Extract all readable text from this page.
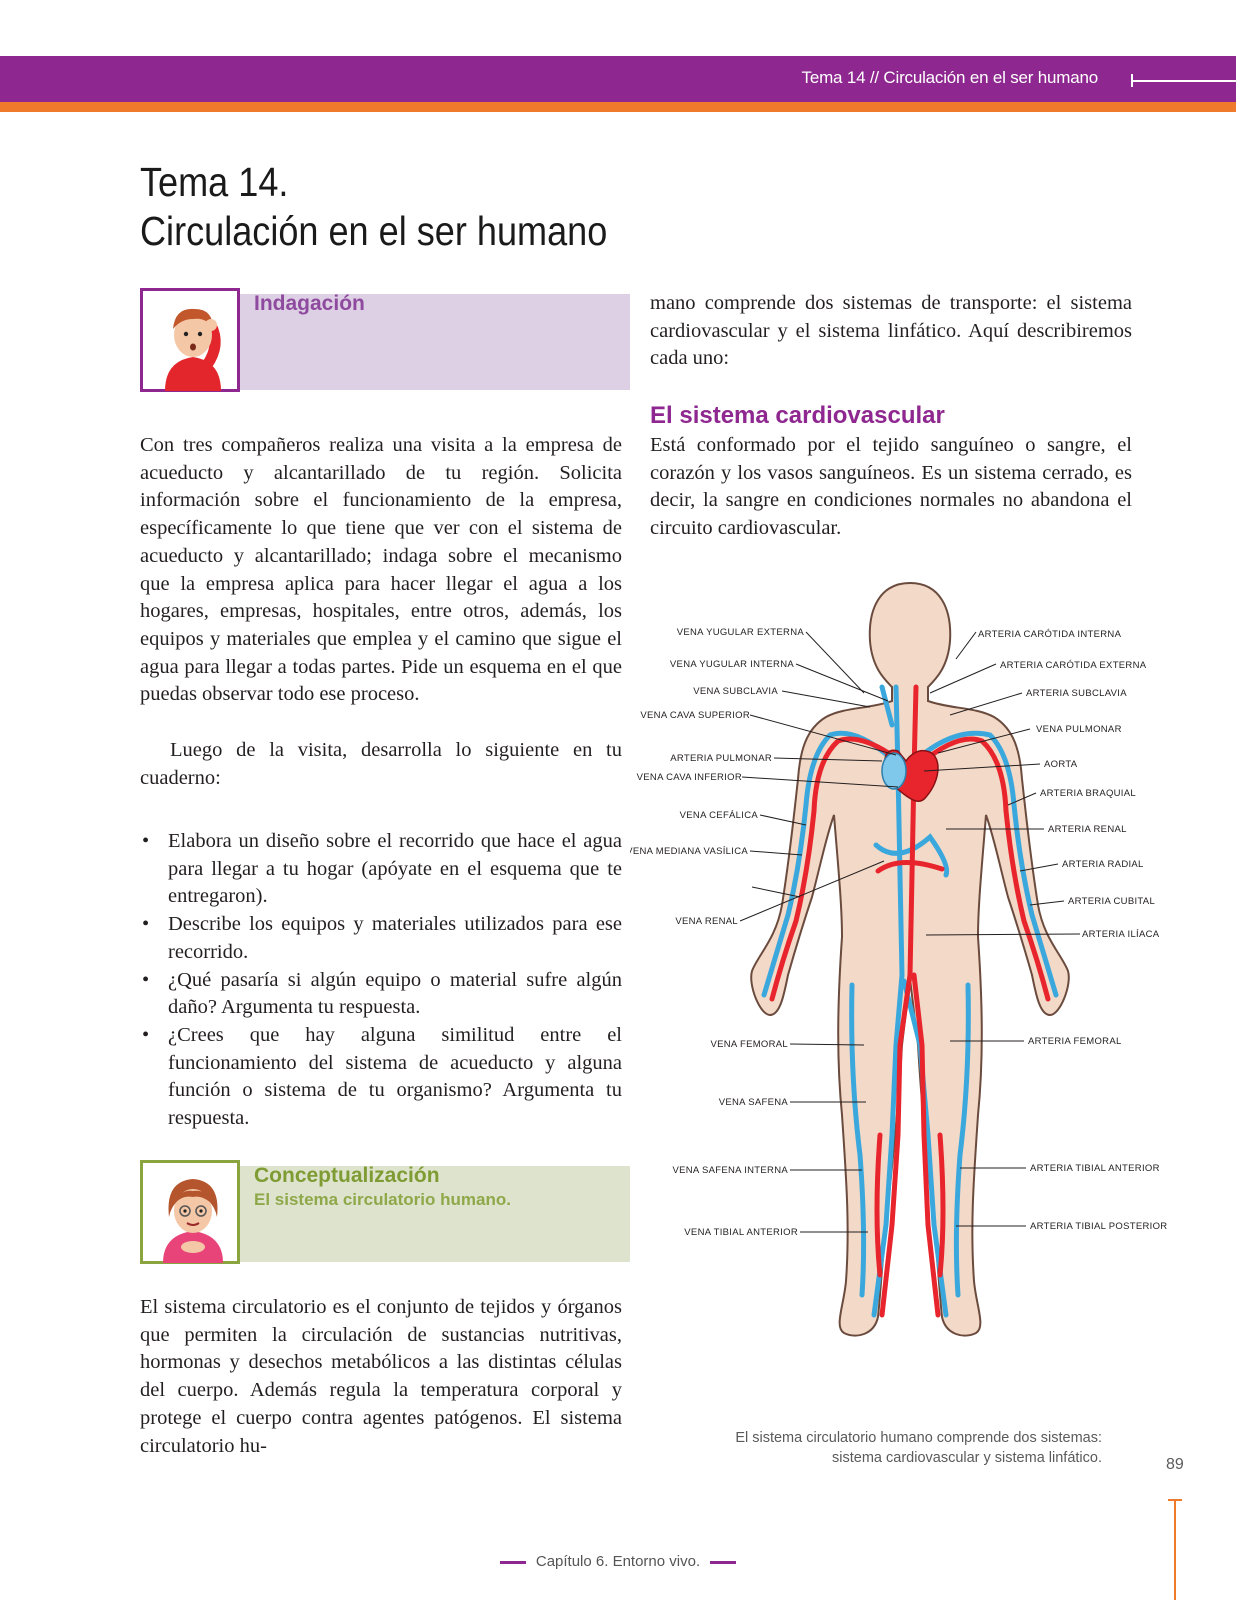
Tema 14 // Circulación en el ser humano
Tema 14.
Circulación en el ser humano
Indagación
Con tres compañeros realiza una visita a la empresa de acueducto y alcantarillado de tu región. Solicita información sobre el funcionamiento de la empresa, específicamente lo que tiene que ver con el sistema de acueducto y alcantarillado; indaga sobre el mecanismo que la empresa aplica para hacer llegar el agua a los hogares, empresas, hospitales, entre otros, además, los equipos y materiales que emplea y el camino que sigue el agua para llegar a todas partes. Pide un esquema en el que puedas observar todo ese proceso.
Luego de la visita, desarrolla lo siguiente en tu cuaderno:
• Elabora un diseño sobre el recorrido que hace el agua para llegar a tu hogar (apóyate en el esquema que te entregaron).
• Describe los equipos y materiales utilizados para ese recorrido.
• ¿Qué pasaría si algún equipo o material sufre algún daño? Argumenta tu respuesta.
• ¿Crees que hay alguna similitud entre el funcionamiento del sistema de acueducto y alguna función o sistema de tu organismo? Argumenta tu respuesta.
Conceptualización
El sistema circulatorio humano.
El sistema circulatorio es el conjunto de tejidos y órganos que permiten la circulación de sustancias nutritivas, hormonas y desechos metabólicos a las distintas células del cuerpo. Además regula la temperatura corporal y protege el cuerpo contra agentes patógenos. El sistema circulatorio hu-
mano comprende dos sistemas de transporte: el sistema cardiovascular y el sistema linfático. Aquí describiremos cada uno:
El sistema cardiovascular
Está conformado por el tejido sanguíneo o sangre, el corazón y los vasos sanguíneos. Es un sistema cerrado, es decir, la sangre en condiciones normales no abandona el circuito cardiovascular.
VENA YUGULAR EXTERNA
VENA YUGULAR INTERNA
VENA SUBCLAVIA
VENA CAVA SUPERIOR
ARTERIA PULMONAR
VENA CAVA INFERIOR
VENA CEFÁLICA
VENA MEDIANA VASÍLICA
VENA RENAL
VENA FEMORAL
VENA SAFENA
VENA SAFENA INTERNA
VENA TIBIAL ANTERIOR
ARTERIA CARÓTIDA INTERNA
ARTERIA CARÓTIDA EXTERNA
ARTERIA SUBCLAVIA
VENA PULMONAR
AORTA
ARTERIA BRAQUIAL
ARTERIA RENAL
ARTERIA RADIAL
ARTERIA CUBITAL
ARTERIA ILÍACA
ARTERIA FEMORAL
ARTERIA TIBIAL ANTERIOR
ARTERIA TIBIAL POSTERIOR
El sistema circulatorio humano comprende dos sistemas:
sistema cardiovascular y sistema linfático.	89
Capítulo 6. Entorno vivo.
